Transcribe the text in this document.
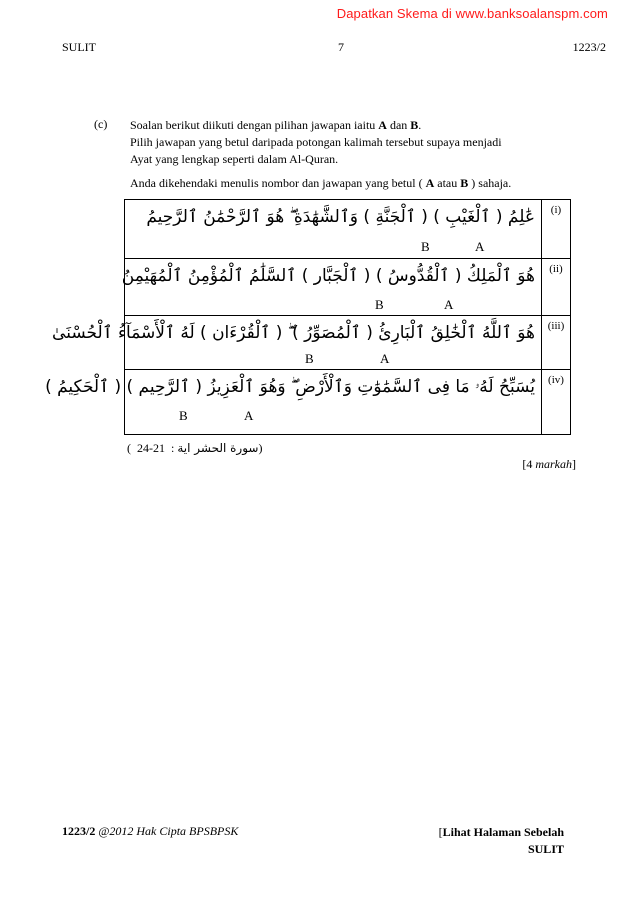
Dapatkan Skema di www.banksoalanspm.com
SULIT	7	1223/2
(c) Soalan berikut diikuti dengan pilihan jawapan iaitu A dan B.
Pilih jawapan yang betul daripada potongan kalimah tersebut supaya menjadi
Ayat yang lengkap seperti dalam Al-Quran.
Anda dikehendaki menulis nombor dan jawapan yang betul ( A atau B ) sahaja.
عَٰلِمُ ( ٱلْغَيْبِ ) ( ٱلْجَنَّةِ ) وَٱلشَّهَٰدَةِ ۖ هُوَ ٱلرَّحْمَٰنُ ٱلرَّحِيمُ
B A	(i)

هُوَ ٱلْمَلِكُ ( ٱلْقُدُّوسُ ) ( ٱلْجَبَّار ) ٱلسَّلَٰمُ ٱلْمُؤْمِنُ ٱلْمُهَيْمِنُ
B A	(ii)

هُوَ ٱللَّهُ ٱلْخَٰلِقُ ٱلْبَارِئُ ( ٱلْمُصَوِّرُ ) ۖ ( ٱلْقُرْءَان ) لَهُ ٱلْأَسْمَآءُ ٱلْحُسْنَىٰ
B A	(iii)

يُسَبِّحُ لَهُۥ مَا فِى ٱلسَّمَٰوَٰتِ وَٱلْأَرْضِ ۖ وَهُوَ ٱلْعَزِيزُ ( ٱلرَّحِيم ) ( ٱلْحَكِيمُ )
B A	(iv)
( 24-21 : سورة الحشر اية)
[4 markah]
1223/2 @2012 Hak Cipta BPSBPSK	[Lihat Halaman Sebelah
SULIT
